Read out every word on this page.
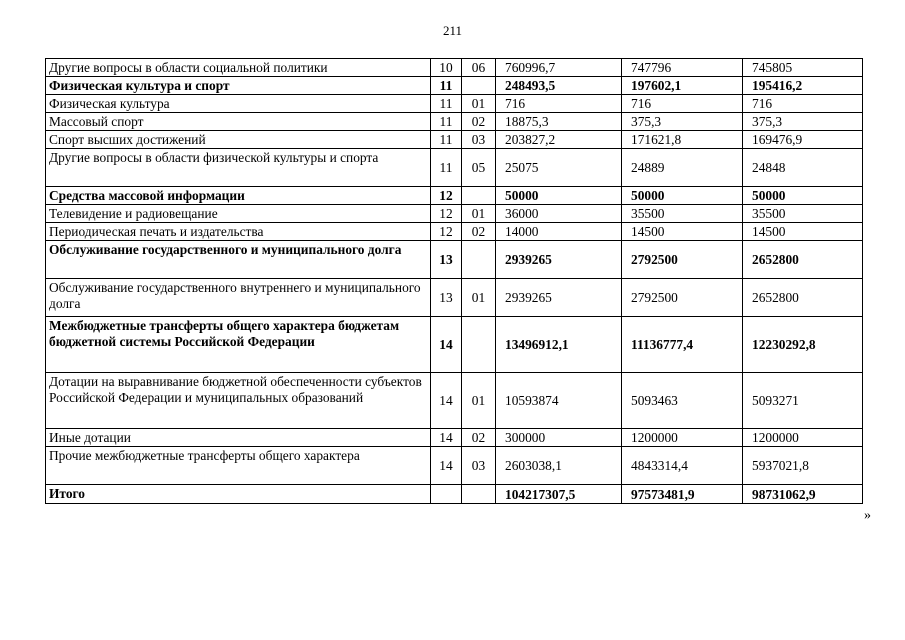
211
Другие вопросы в области социальной политики	10	06	760996,7	747796	745805
Физическая культура и спорт	11		248493,5	197602,1	195416,2
Физическая культура	11	01	716	716	716
Массовый спорт	11	02	18875,3	375,3	375,3
Спорт высших достижений	11	03	203827,2	171621,8	169476,9
Другие вопросы в области физической культуры и спорта	11	05	25075	24889	24848
Средства массовой информации	12		50000	50000	50000
Телевидение и радиовещание	12	01	36000	35500	35500
Периодическая печать и издательства	12	02	14000	14500	14500
Обслуживание государственного и муниципального долга	13		2939265	2792500	2652800
Обслуживание государственного внутреннего и муниципального долга	13	01	2939265	2792500	2652800
Межбюджетные трансферты общего характера бюджетам бюджетной системы Российской Федерации	14		13496912,1	11136777,4	12230292,8
Дотации на выравнивание бюджетной обеспеченности субъектов Российской Федерации и муниципальных образований	14	01	10593874	5093463	5093271
Иные дотации	14	02	300000	1200000	1200000
Прочие межбюджетные трансферты общего характера	14	03	2603038,1	4843314,4	5937021,8
Итого			104217307,5	97573481,9	98731062,9
»
